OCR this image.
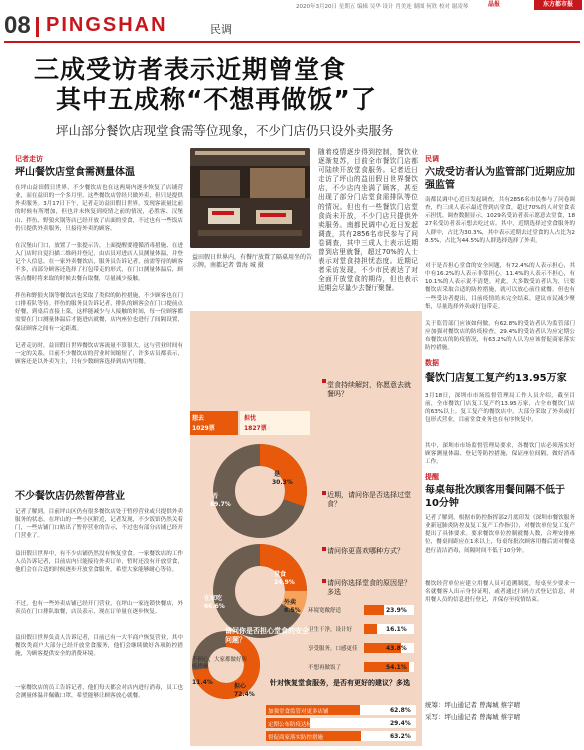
2020年3月20日 星期五 编辑 吴华 设计 肖美连 制图 何欣 校对 谢凌琴	晶报	东方都市报
08 PINGSHAN	民调
三成受访者表示近期曾堂食
其中五成称“不想再做饭”了
坪山部分餐饮店现堂食需等位现象，不少门店仍只设外卖服务
记者走访
坪山餐饮店堂食需测量体温
在坪山益田假日世界，不少餐饮店也在这两周内逐步恢复了店铺营业，而在益田的一个多月里，这些餐饮店曾经只做外卖，但只是提供外卖服务。3月17日下午，记者走访益田假日世界，发现客流量比前的时候有所增加，但也并未恢复到疫情之前的情况，必胜客、汉堡山、拌鱼、野狼火锅等店已经开放了店面的堂食，不过也有一些饭店仍只提供外卖服务，只接待外卖的顾客。
在汉堡山门口，放置了一张提示告，上面提醒要遵循消毒措施、在进入门店时自觉扫描二维码并登记，由店员对进店人员测量体温，并登记个人信息。在一家外卖餐饮店，服务员告诉记者，前需等待的顾客不多，而部分顾客还选择了打包带走的形式，在门口测量体温后，顾客点餐时将来取的时候去餐台取餐，尽量减少接触。
拌鱼和野狼火锅等餐饮店也采取了类似的防控措施，不少顾客也在门口排着队等待。拌鱼的服务员告诉记者，排队的顾客会在门口提前点好餐，到桌后直接上菜，这样能减少与人接触的时间，每一位顾客都需要在门口测量体温后才能进店就餐，店内座位也进行了间隔设置，保证顾客之间有一定距离。
记者走访时，益田假日世界餐饮店客流量不算很大，这与营业时间有一定的关系，目前不少餐饮店的营业时间缩短了，许多店员都表示，顾客还是以外卖为主，只有少数顾客选择到店内用餐。
不少餐饮店仍然暂停营业
记者了解到，目前坪山区仍有很多餐饮店处于暂停营业或只提供外卖服务的状态。在坪山的一些小区附近，记者发现，不少饭馆仍然关着门，一些店铺门口贴出了暂停营业的告示，不过也有部分店铺已经开门营业了。
益田假日世界中，有不少店铺仍然没有恢复堂食。一家餐饮店的工作人员告诉记者，目前店内只能接待外卖订单，暂时还没有开放堂食，他们会在合适的时候逐步开放堂食服务，希望大家能够耐心等待。
不过，也有一些外卖店铺已经开门营业，在坪山一家连锁快餐店，外卖员在门口排队取餐，店员表示，现在订单量在逐步恢复。
益田假日世界负责人告诉记者，目前已有一大半商户恢复营业，其中餐饮类商户大部分已经开放堂食服务，他们会继续做好各项防控措施，为顾客提供安全的消费环境。
一家餐饮店的员工告诉记者，他们每天都会对店内进行消毒，员工也会测量体温并佩戴口罩，希望能够让顾客放心就餐。
益田假日世界内，有餐厅放置了隔桌用坐的告示牌。南都记者 曾海 城 摄
随着疫情逐步得到控制，餐饮业逐渐复苏，目前全市餐饮门店都可陆续开放堂食服务。记者近日走访了坪山的益田假日世界餐饮店，不少店内坐满了顾客，甚至出现了部分门店堂食需排队等位的情况。但也有一些餐饮门店堂食尚未开放，不少门店只提供外卖服务。南都民调中心近日发起调查，共有2856名市民参与了问卷调查，其中三成人士表示近期曾到店里就餐，超过70%的人士表示对堂食持担忧态度。近期记者采访发现，不少市民表达了对全面开放堂食的期待，但也表示近期会尽量少去餐厅聚餐。
民调
六成受访者认为监管部门近期应加强监管
南都民调中心近日发起调查，共有2856名市民参与了问卷调查，约三成人表示最近曾到店堂食，超过70%的人对堂食表示担忧。调查数据显示，1029名受访者表示愿意去堂食，1827名受访者表示想去吃过店。其中，近期选择过堂食服务的人群中，占比为30.3%，其中表示近期去过堂食的人占比为28.5%，占比为44.5%的人群选择选择了外卖。
对于是否担心堂食的安全问题，有72.4%的人表示担心，其中有16.2%的人表示非常担心，11.4%的人表示不担心，有10.1%的人表示说不清楚。对此，大多数受访者认为，只要餐饮店采取合适的防控措施，就可以放心前往就餐。但也有一些受访者提出，目前疫情尚未完全结束，建议市民减少聚集，尽量选择外卖或打包带走。
关于监管部门应该如何做，有62.8%的受访者认为监管部门应加强对餐饮店的防疫检查，29.4%的受访者认为应定期公布餐饮店的防疫情况，有63.2%的人认为应该督促商家落实防控措施。
数据
餐饮门店复工复产约13.95万家
3月18日，深圳市市场监督管理局工作人员介绍，截至目前，全市餐饮门店复工复产约13.95万家，占全市餐饮门店的63%以上。复工复产的餐饮店中，大部分采取了外卖或打包形式营业，目前堂食业务也在有序恢复中。
其中，深圳市市场监督管理局要求，各餐饮门店必须落实好顾客测量体温、登记等防控措施，保证座位间隔，做好消毒工作。
提醒
每桌每批次顾客用餐间隔不低于10分钟
记者了解到，根据市防控指挥部2月底印发《深圳市餐饮服务业新冠肺炎防控及复工复产工作指引》，对餐饮单位复工复产提出了具体要求。要求餐饮单位控制就餐人数，合理安排座位，餐桌间距应在1米以上，每桌每批次顾客用餐后需对餐桌进行清洁消毒，间隔时间不低于10分钟。
餐饮经营单位应建立用餐人员可追溯制度，每桌至少要求一名就餐客人出示身份证明，或者通过扫码方式登记信息，对用餐人员的信息进行登记，并保存至疫情结束。
统筹：坪山通记者 曾海城 蔡宇晴
采写：坪山通记者 曾海城 蔡宇晴
堂食持续解封，你愿意去就餐吗？
想去
1029票
担忧
1827票
是
30.3%
否
69.7%
近期，请问你是否选择过堂食？
堂食
24.9%
外卖
8.5%
在家吃
66.6%
请问你更喜欢哪种方式？
请问你选择堂食的原因是？多选
环境宽敞舒适	23.9%
卫生干净，设计好	16.1%
享受服务，口感更佳	43.8%
不想再做饭了	54.1%
请问你是否担心堂食的安全问题？
不担心，大家都做好防疫措施
11.4%
担心
72.4%
针对恢复堂食服务，是否有更好的建议？多选
加强堂食监管对更多店铺	62.8%
定期公布防疫达标餐饮店	29.4%
督促商家落实防控措施	63.2%
